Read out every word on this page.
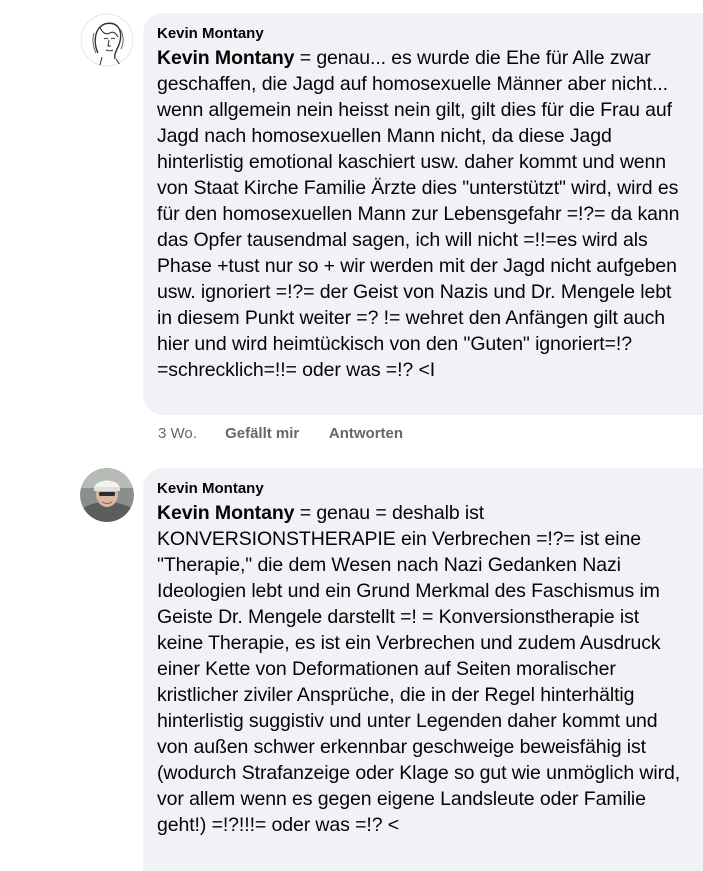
Kevin Montany
Kevin Montany = genau... es wurde die Ehe für Alle zwar geschaffen, die Jagd auf homosexuelle Männer aber nicht... wenn allgemein nein heisst nein gilt, gilt dies für die Frau auf Jagd nach homosexuellen Mann nicht, da diese Jagd hinterlistig emotional kaschiert usw. daher kommt und wenn von Staat Kirche Familie Ärzte dies "unterstützt" wird, wird es für den homosexuellen Mann zur Lebensgefahr =!?= da kann das Opfer tausendmal sagen, ich will nicht =!!=es wird als Phase +tust nur so + wir werden mit der Jagd nicht aufgeben usw. ignoriert =!?= der Geist von Nazis und Dr. Mengele lebt in diesem Punkt weiter =? != wehret den Anfängen gilt auch hier und wird heimtückisch von den "Guten" ignoriert=!? =schrecklich=!!= oder was =!? <I
3 Wo. Gefällt mir Antworten
Kevin Montany
Kevin Montany = genau = deshalb ist KONVERSIONSTHERAPIE ein Verbrechen =!?= ist eine "Therapie," die dem Wesen nach Nazi Gedanken Nazi Ideologien lebt und ein Grund Merkmal des Faschismus im Geiste Dr. Mengele darstellt =! = Konversionstherapie ist keine Therapie, es ist ein Verbrechen und zudem Ausdruck einer Kette von Deformationen auf Seiten moralischer kristlicher ziviler Ansprüche, die in der Regel hinterhältig hinterlistig suggistiv und unter Legenden daher kommt und von außen schwer erkennbar geschweige beweisfähig ist (wodurch Strafanzeige oder Klage so gut wie unmöglich wird, vor allem wenn es gegen eigene Landsleute oder Familie geht!) =!?!!!= oder was =!? <
